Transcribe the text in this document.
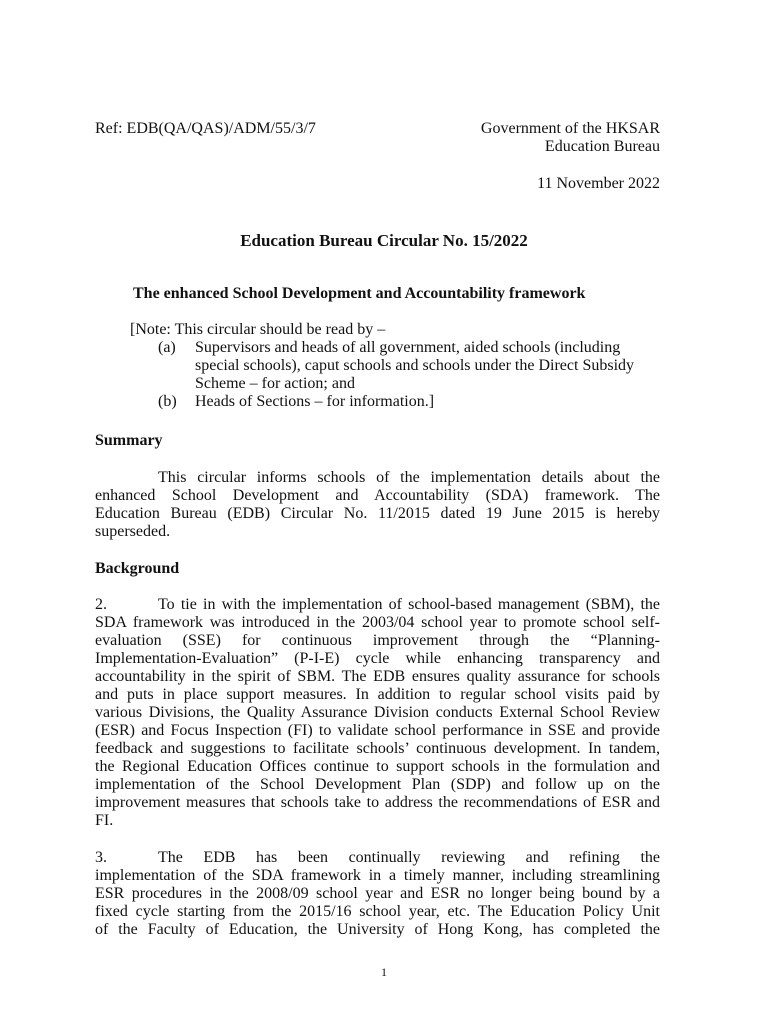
Ref: EDB(QA/QAS)/ADM/55/3/7	Government of the HKSAR
Education Bureau
11 November 2022
Education Bureau Circular No. 15/2022
The enhanced School Development and Accountability framework
[Note: This circular should be read by –
(a) Supervisors and heads of all government, aided schools (including
special schools), caput schools and schools under the Direct Subsidy
Scheme – for action; and
(b) Heads of Sections – for information.]
Summary
This circular informs schools of the implementation details about the
enhanced School Development and Accountability (SDA) framework. The
Education Bureau (EDB) Circular No. 11/2015 dated 19 June 2015 is hereby
superseded.
Background
2.	To tie in with the implementation of school-based management (SBM), the
SDA framework was introduced in the 2003/04 school year to promote school self-
evaluation (SSE) for continuous improvement through the “Planning-
Implementation-Evaluation” (P-I-E) cycle while enhancing transparency and
accountability in the spirit of SBM. The EDB ensures quality assurance for schools
and puts in place support measures. In addition to regular school visits paid by
various Divisions, the Quality Assurance Division conducts External School Review
(ESR) and Focus Inspection (FI) to validate school performance in SSE and provide
feedback and suggestions to facilitate schools’ continuous development. In tandem,
the Regional Education Offices continue to support schools in the formulation and
implementation of the School Development Plan (SDP) and follow up on the
improvement measures that schools take to address the recommendations of ESR and
FI.
3.	The EDB has been continually reviewing and refining the
implementation of the SDA framework in a timely manner, including streamlining
ESR procedures in the 2008/09 school year and ESR no longer being bound by a
fixed cycle starting from the 2015/16 school year, etc. The Education Policy Unit
of the Faculty of Education, the University of Hong Kong, has completed the
1
